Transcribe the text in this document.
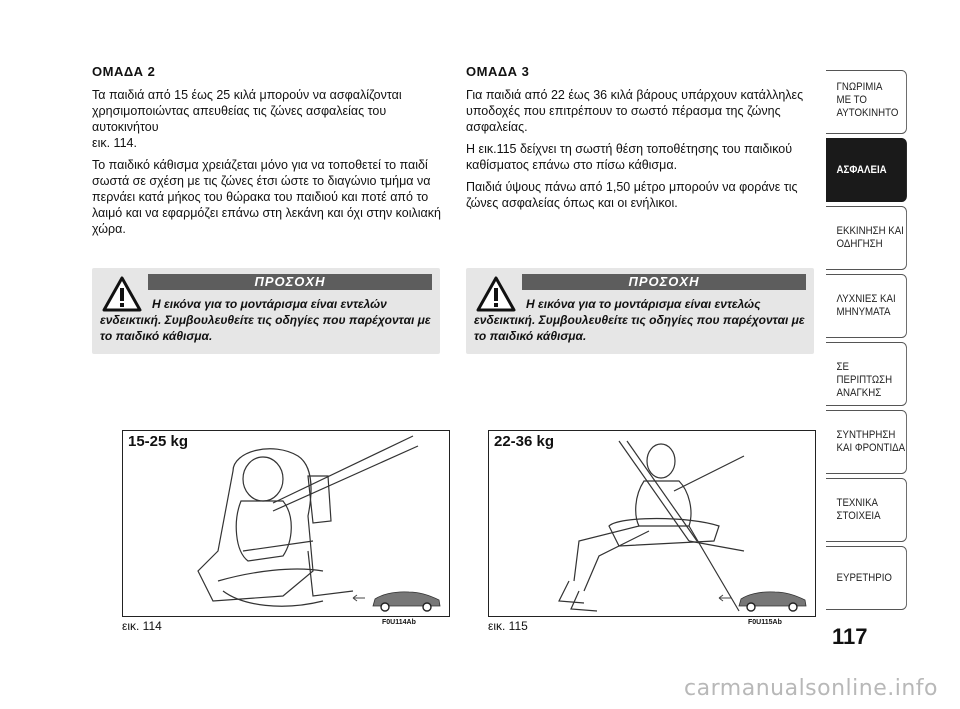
ΟΜΑΔΑ 2

Τα παιδιά από 15 έως 25 κιλά μπορούν να ασφαλίζονται χρησιμοποιώντας απευθείας τις ζώνες ασφαλείας του αυτοκινήτου
εικ. 114.

Το παιδικό κάθισμα χρειάζεται μόνο για να τοποθετεί το παιδί σωστά σε σχέση με τις ζώνες έτσι ώστε το διαγώνιο τμήμα να περνάει κατά μήκος του θώρακα του παιδιού και ποτέ από το λαιμό και να εφαρμόζει επάνω στη λεκάνη και όχι στην κοιλιακή χώρα.

ΟΜΑΔΑ 3

Για παιδιά από 22 έως 36 κιλά βάρους υπάρχουν κατάλληλες υποδοχές που επιτρέπουν το σωστό πέρασμα της ζώνης ασφαλείας.

Η εικ.115 δείχνει τη σωστή θέση τοποθέτησης του παιδικού καθίσματος επάνω στο πίσω κάθισμα.

Παιδιά ύψους πάνω από 1,50 μέτρο μπορούν να φοράνε τις ζώνες ασφαλείας όπως και οι ενήλικοι.

ΠΡΟΣΟΧΗ
Η εικόνα για το μοντάρισμα είναι εντελών ενδεικτική. Συμβουλευθείτε τις οδηγίες που παρέχονται με το παιδικό κάθισμα.
ΠΡΟΣΟΧΗ
Η εικόνα για το μοντάρισμα είναι εντελώς ενδεικτική. Συμβουλευθείτε τις οδηγίες που παρέχονται με το παιδικό κάθισμα.
15-25 kg
εικ. 114	F0U114Ab
22-36 kg
εικ. 115	F0U115Ab
ΓΝΩΡΙΜΙΑ
ΜΕ ΤΟ
ΑΥΤΟΚΙΝΗΤΟ
ΑΣΦΑΛΕΙΑ
ΕΚΚΙΝΗΣΗ ΚΑΙ
ΟΔΗΓΗΣΗ
ΛΥΧΝΙΕΣ ΚΑΙ
ΜΗΝΥΜΑΤΑ
ΣΕ ΠΕΡΙΠΤΩΣΗ
ΑΝΑΓΚΗΣ
ΣΥΝΤΗΡΗΣΗ
ΚΑΙ ΦΡΟΝΤΙΔΑ
ΤΕΧΝΙΚΑ
ΣΤΟΙΧΕΙΑ
ΕΥΡΕΤΗΡΙΟ
117
carmanualsonline.info
